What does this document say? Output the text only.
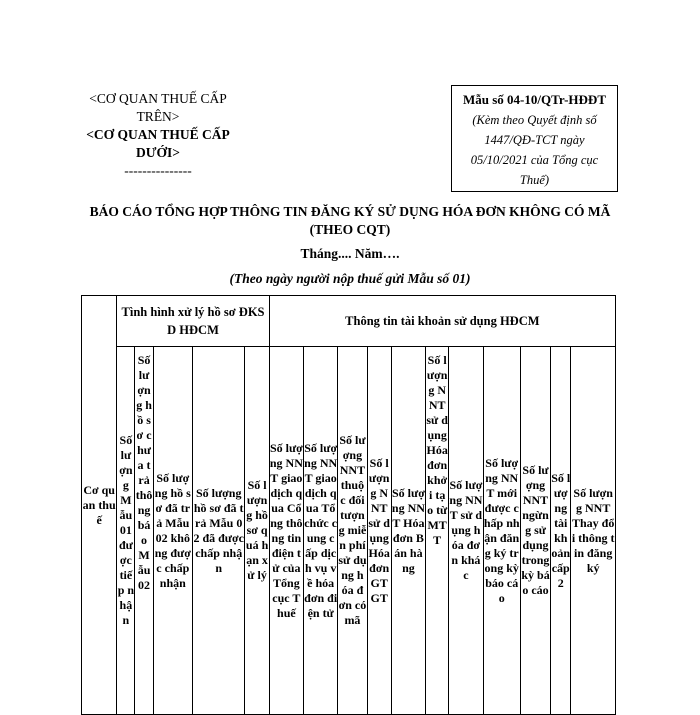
<CƠ QUAN THUẾ CẤP TRÊN>
<CƠ QUAN THUẾ CẤP DƯỚI>
---------------
Mẫu số 04-10/QTr-HĐĐT
(Kèm theo Quyết định số 1447/QĐ-TCT ngày 05/10/2021 của Tổng cục Thuế)
BÁO CÁO TỔNG HỢP THÔNG TIN ĐĂNG KÝ SỬ DỤNG HÓA ĐƠN KHÔNG CÓ MÃ (THEO CQT)
Tháng.... Năm….
(Theo ngày người nộp thuế gửi Mẫu số 01)
Cơ quan thuế	Tình hình xử lý hồ sơ ĐKSD HĐCM					Thông tin tài khoản sử dụng HĐCM										
	Số lượng Mẫu 01 được tiếp nhận	Số lượng hồ sơ chưa trả thông báo Mẫu 02	Số lượng hồ sơ đã trả Mẫu 02 không được chấp nhận	Số lượng hồ sơ đã trả Mẫu 02 đã được chấp nhận	Số lượng hồ sơ quá hạn xử lý	Số lượng NNT giao dịch qua Cổng thông tin điện tử của Tổng cục Thuế	Số lượng NNT giao dịch qua Tổ chức cung cấp dịch vụ về hóa đơn điện tử	Số lượng NNT thuộc đối tượng miễn phí sử dụng hóa đơn có mã	Số lượng NNT sử dụng Hóa đơn GTGT	Số lượng NNT Hóa đơn Bán hàng	Số lượng NNT sử dụng Hóa đơn khởi tạo từ MTT	Số lượng NNT sử dụng hóa đơn khác	Số lượng NNT mới được chấp nhận đăng ký trong kỳ báo cáo	Số lượng NNT ngừng sử dụng trong kỳ báo cáo	Số lượng tài khoản cấp 2	Số lượng NNT Thay đổi thông tin đăng ký
